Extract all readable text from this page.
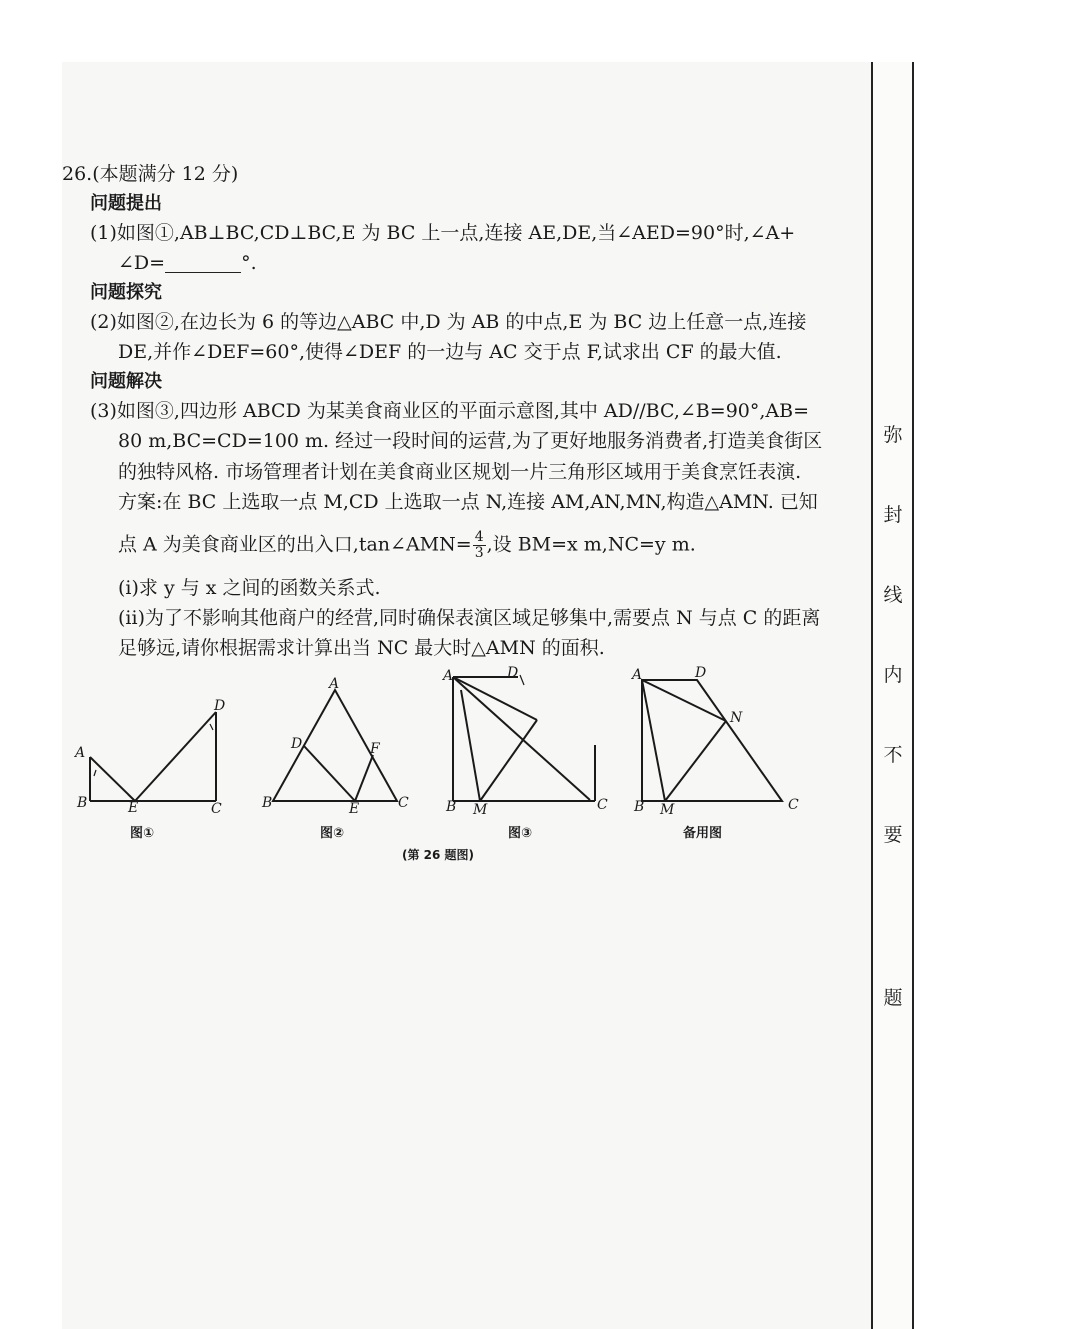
弥
封
线
内
不
要
题
26.(本题满分 12 分)
问题提出
(1)如图①,AB⊥BC,CD⊥BC,E 为 BC 上一点,连接 AE,DE,当∠AED=90°时,∠A+
∠D=	°.
问题探究
(2)如图②,在边长为 6 的等边△ABC 中,D 为 AB 的中点,E 为 BC 边上任意一点,连接
DE,并作∠DEF=60°,使得∠DEF 的一边与 AC 交于点 F,试求出 CF 的最大值.
问题解决
(3)如图③,四边形 ABCD 为某美食商业区的平面示意图,其中 AD//BC,∠B=90°,AB=
80 m,BC=CD=100 m. 经过一段时间的运营,为了更好地服务消费者,打造美食街区
的独特风格. 市场管理者计划在美食商业区规划一片三角形区域用于美食烹饪表演.
方案:在 BC 上选取一点 M,CD 上选取一点 N,连接 AM,AN,MN,构造△AMN. 已知
点 A 为美食商业区的出入口,tan∠AMN= $\frac{4}{3}$ ,设 BM=x m,NC=y m.
(i)求 y 与 x 之间的函数关系式.
(ii)为了不影响其他商户的经营,同时确保表演区域足够集中,需要点 N 与点 C 的距离
足够远,请你根据需求计算出当 NC 最大时△AMN 的面积.
A
B	C
D
E
图①
A
B	C
D
E
F
图②
A	D
B M	C
图③
A	D
N
B M	C
备用图
(第 26 题图)
